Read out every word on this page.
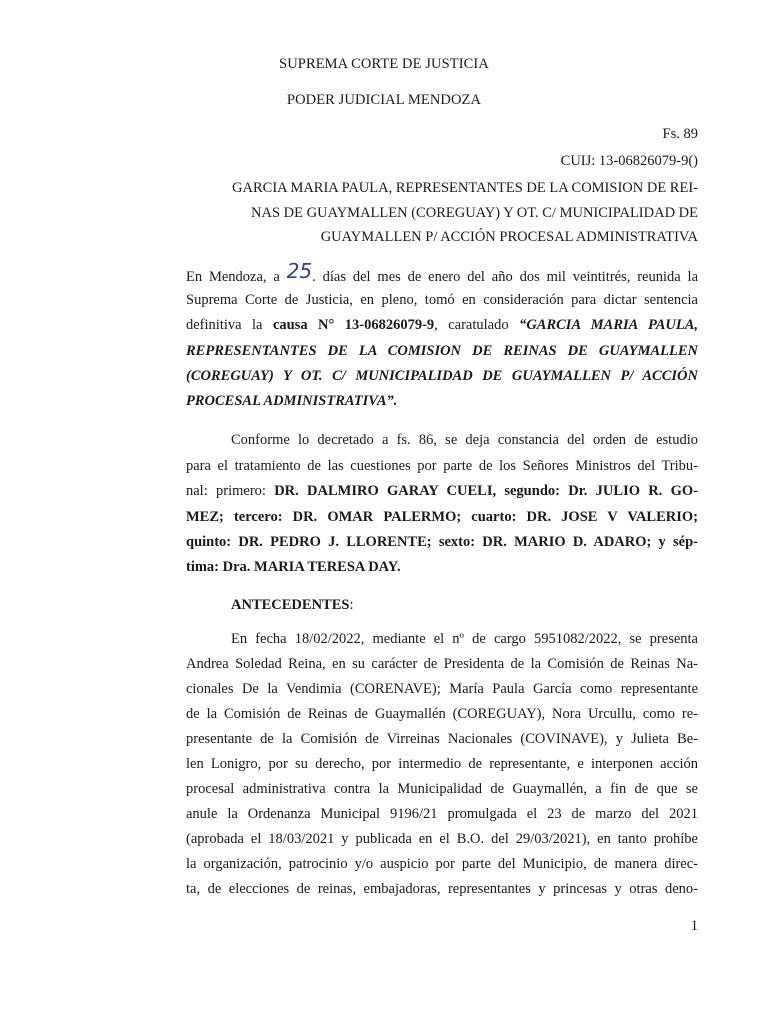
SUPREMA CORTE DE JUSTICIA
PODER JUDICIAL MENDOZA
Fs. 89
CUIJ: 13-06826079-9()
GARCIA MARIA PAULA, REPRESENTANTES DE LA COMISION DE REI-
NAS DE GUAYMALLEN (COREGUAY) Y OT. C/ MUNICIPALIDAD DE
GUAYMALLEN P/ ACCIÓN PROCESAL ADMINISTRATIVA
En Mendoza, a 25. días del mes de enero del año dos mil veintitrés, reunida la
Suprema Corte de Justicia, en pleno, tomó en consideración para dictar sentencia
definitiva la causa N° 13-06826079-9, caratulado “GARCIA MARIA PAULA,
REPRESENTANTES DE LA COMISION DE REINAS DE GUAYMALLEN
(COREGUAY) Y OT. C/ MUNICIPALIDAD DE GUAYMALLEN P/ ACCIÓN
PROCESAL ADMINISTRATIVA”.
Conforme lo decretado a fs. 86, se deja constancia del orden de estudio
para el tratamiento de las cuestiones por parte de los Señores Ministros del Tribu-
nal: primero: DR. DALMIRO GARAY CUELI, segundo: Dr. JULIO R. GO-
MEZ; tercero: DR. OMAR PALERMO; cuarto: DR. JOSE V VALERIO;
quinto: DR. PEDRO J. LLORENTE; sexto: DR. MARIO D. ADARO; y sép-
tima: Dra. MARIA TERESA DAY.
ANTECEDENTES:
En fecha 18/02/2022, mediante el nº de cargo 5951082/2022, se presenta
Andrea Soledad Reina, en su carácter de Presidenta de la Comisión de Reinas Na-
cionales De la Vendimia (CORENAVE); María Paula García como representante
de la Comisión de Reinas de Guaymallén (COREGUAY), Nora Urcullu, como re-
presentante de la Comisión de Virreinas Nacionales (COVINAVE), y Julieta Be-
len Lonigro, por su derecho, por intermedio de representante, e interponen acción
procesal administrativa contra la Municipalidad de Guaymallén, a fin de que se
anule la Ordenanza Municipal 9196/21 promulgada el 23 de marzo del 2021
(aprobada el 18/03/2021 y publicada en el B.O. del 29/03/2021), en tanto prohíbe
la organización, patrocinio y/o auspicio por parte del Municipio, de manera direc-
ta, de elecciones de reinas, embajadoras, representantes y princesas y otras deno-
1
